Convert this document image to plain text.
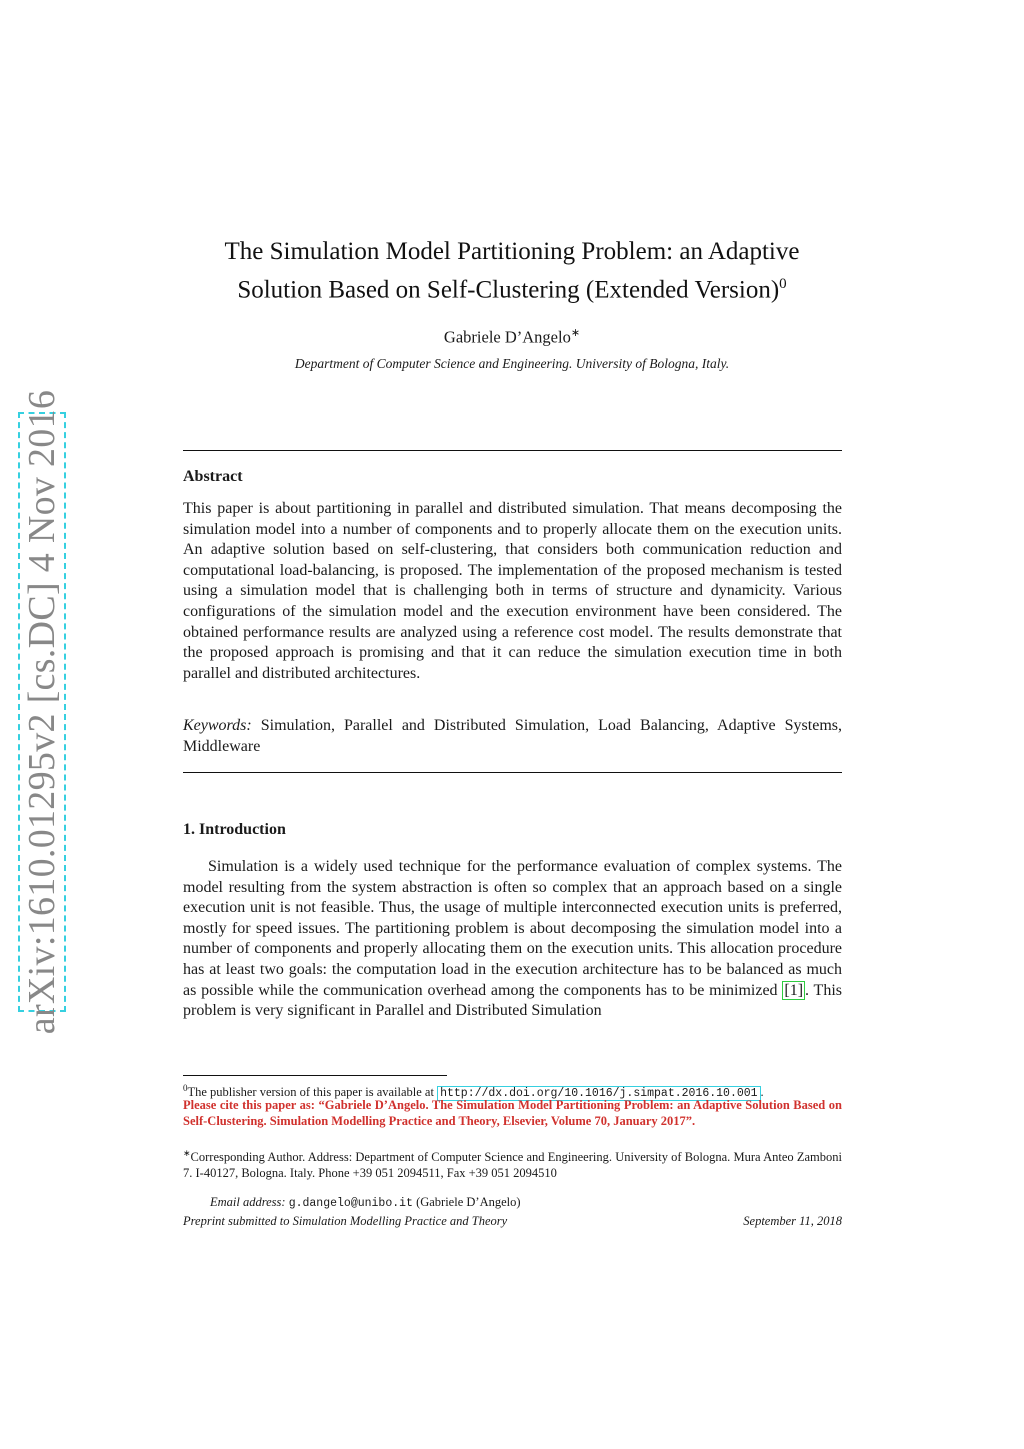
arXiv:1610.01295v2 [cs.DC] 4 Nov 2016
The Simulation Model Partitioning Problem: an Adaptive
Solution Based on Self-Clustering (Extended Version)$^0$
Gabriele D’Angelo∗
Department of Computer Science and Engineering. University of Bologna, Italy.
Abstract
This paper is about partitioning in parallel and distributed simulation. That means decomposing the simulation model into a number of components and to properly allocate them on the execution units. An adaptive solution based on self-clustering, that considers both communication reduction and computational load-balancing, is proposed. The implementation of the proposed mechanism is tested using a simulation model that is challenging both in terms of structure and dynamicity. Various configurations of the simulation model and the execution environment have been considered. The obtained performance results are analyzed using a reference cost model. The results demonstrate that the proposed approach is promising and that it can reduce the simulation execution time in both parallel and distributed architectures.
Keywords: Simulation, Parallel and Distributed Simulation, Load Balancing, Adaptive Systems, Middleware
1. Introduction
Simulation is a widely used technique for the performance evaluation of complex systems. The model resulting from the system abstraction is often so complex that an approach based on a single execution unit is not feasible. Thus, the usage of multiple interconnected execution units is preferred, mostly for speed issues. The partitioning problem is about decomposing the simulation model into a number of components and properly allocating them on the execution units. This allocation procedure has at least two goals: the computation load in the execution architecture has to be balanced as much as possible while the communication overhead among the components has to be minimized [1] . This problem is very significant in Parallel and Distributed Simulation
$^0$The publisher version of this paper is available at http://dx.doi.org/10.1016/j.simpat.2016.10.001 .
Please cite this paper as: “Gabriele D’Angelo. The Simulation Model Partitioning Problem: an Adaptive Solution Based on Self-Clustering. Simulation Modelling Practice and Theory, Elsevier, Volume 70, January 2017”.
∗Corresponding Author. Address: Department of Computer Science and Engineering. University of Bologna. Mura Anteo Zamboni 7. I-40127, Bologna. Italy. Phone +39 051 2094511, Fax +39 051 2094510
Email address: g.dangelo@unibo.it (Gabriele D’Angelo)
Preprint submitted to Simulation Modelling Practice and Theory	September 11, 2018
